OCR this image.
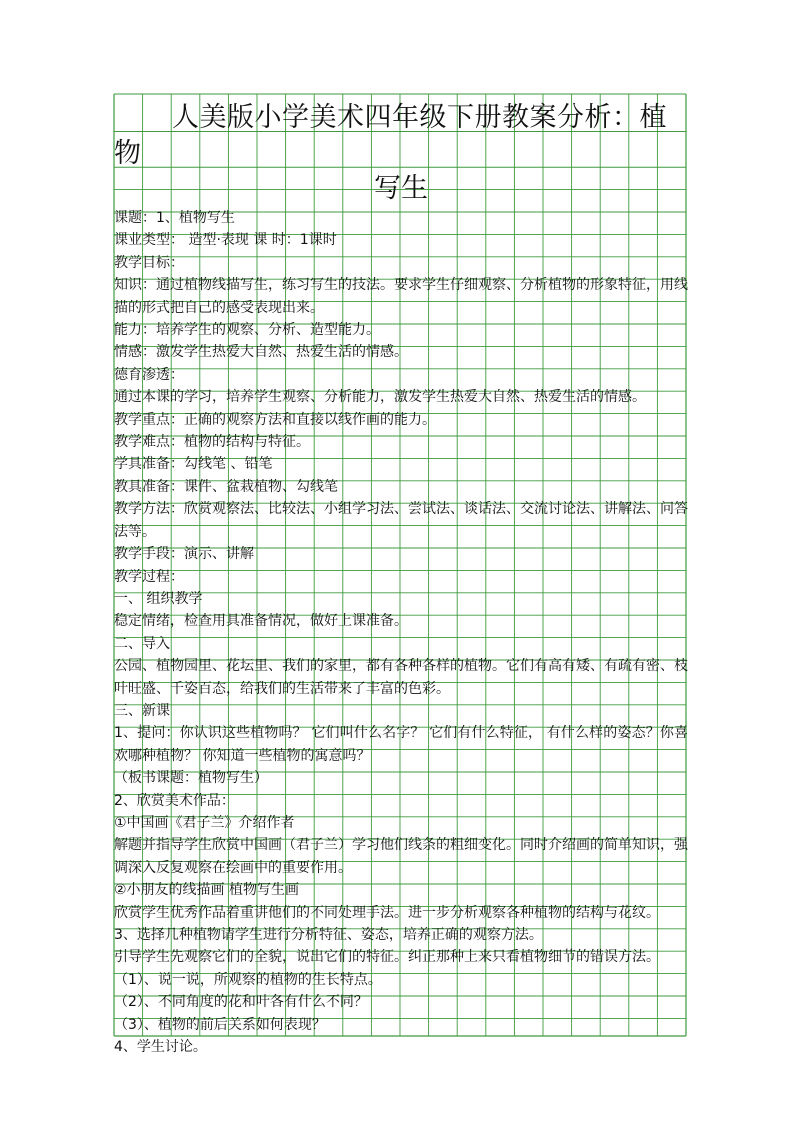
人美版小学美术四年级下册教案分析：植物
写生

课题：1、植物写生

课业类型： 造型·表现 课 时：1课时

教学目标：

知识：通过植物线描写生，练习写生的技法。要求学生仔细观察、分析植物的形象特征，用线描的形式把自己的感受表现出来。

能力：培养学生的观察、分析、造型能力。

情感：激发学生热爱大自然、热爱生活的情感。

德育渗透：

通过本课的学习，培养学生观察、分析能力，激发学生热爱大自然、热爱生活的情感。

教学重点：正确的观察方法和直接以线作画的能力。

教学难点：植物的结构与特征。

学具准备：勾线笔 、铅笔

教具准备：课件、盆栽植物、勾线笔

教学方法：欣赏观察法、比较法、小组学习法、尝试法、谈话法、交流讨论法、讲解法、问答法等。

教学手段：演示、讲解

教学过程：

一、 组织教学

稳定情绪，检查用具准备情况，做好上课准备。

二、导入

公园、植物园里、花坛里、我们的家里，都有各种各样的植物。它们有高有矮、有疏有密、枝叶旺盛、千姿百态，给我们的生活带来了丰富的色彩。

三、新课

1、提问：你认识这些植物吗？ 它们叫什么名字？ 它们有什么特征， 有什么样的姿态？你喜欢哪种植物？ 你知道一些植物的寓意吗？

（板书课题：植物写生）

2、欣赏美术作品：

①中国画《君子兰》介绍作者

解题并指导学生欣赏中国画（君子兰）学习他们线条的粗细变化。同时介绍画的简单知识，强调深入反复观察在绘画中的重要作用。

②小朋友的线描画 植物写生画

欣赏学生优秀作品着重讲他们的不同处理手法。进一步分析观察各种植物的结构与花纹。

3、选择几种植物请学生进行分析特征、姿态，培养正确的观察方法。

引导学生先观察它们的全貌，说出它们的特征。纠正那种上来只看植物细节的错误方法。

（1）、说一说，所观察的植物的生长特点。

（2）、不同角度的花和叶各有什么不同？

（3）、植物的前后关系如何表现？

4、学生讨论。
